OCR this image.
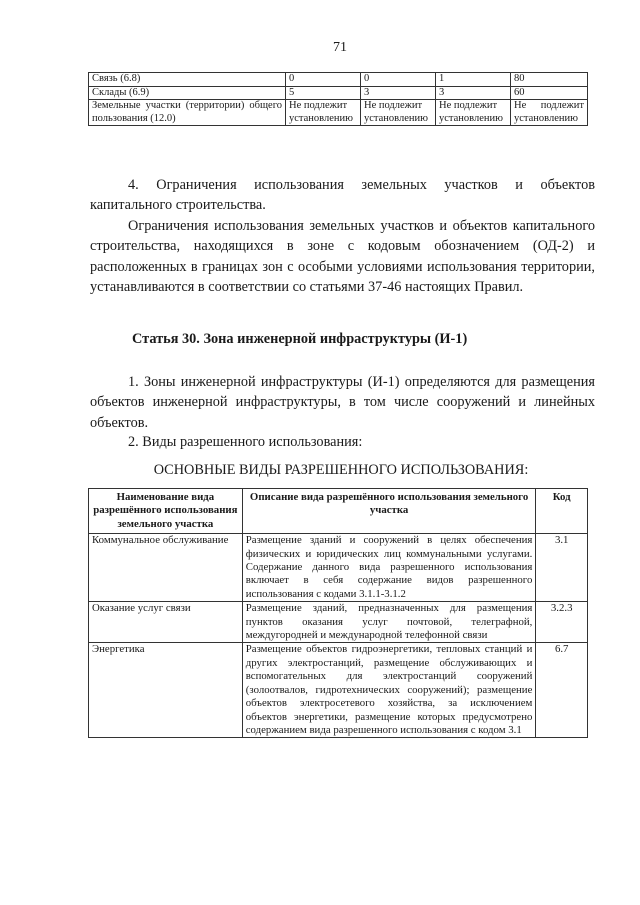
71
Связь (6.8)	0	0	1	80
Склады (6.9)	5	3	3	60
Земельные участки (территории) общего пользования (12.0)	Не подлежит установлению	Не подлежит установлению	Не подлежит установлению	Не подлежит установлению

4. Ограничения использования земельных участков и объектов капитального строительства.

Ограничения использования земельных участков и объектов капитального строительства, находящихся в зоне с кодовым обозначением (ОД-2) и расположенных в границах зон с особыми условиями использования территории, устанавливаются в соответствии со статьями 37-46 настоящих Правил.

Статья 30. Зона инженерной инфраструктуры (И-1)

1. Зоны инженерной инфраструктуры (И-1) определяются для размещения объектов инженерной инфраструктуры, в том числе сооружений и линейных объектов.

2. Виды разрешенного использования:

ОСНОВНЫЕ ВИДЫ РАЗРЕШЕННОГО ИСПОЛЬЗОВАНИЯ:

Наименование вида разрешённого использования земельного участка	Описание вида разрешённого использования земельного участка	Код
Коммунальное обслуживание	Размещение зданий и сооружений в целях обеспечения физических и юридических лиц коммунальными услугами. Содержание данного вида разрешенного использования включает в себя содержание видов разрешенного использования с кодами 3.1.1-3.1.2	3.1
Оказание услуг связи	Размещение зданий, предназначенных для размещения пунктов оказания услуг почтовой, телеграфной, междугородней и международной телефонной связи	3.2.3
Энергетика	Размещение объектов гидроэнергетики, тепловых станций и других электростанций, размещение обслуживающих и вспомогательных для электростанций сооружений (золоотвалов, гидротехнических сооружений); размещение объектов электросетевого хозяйства, за исключением объектов энергетики, размещение которых предусмотрено содержанием вида разрешенного использования с кодом 3.1	6.7
